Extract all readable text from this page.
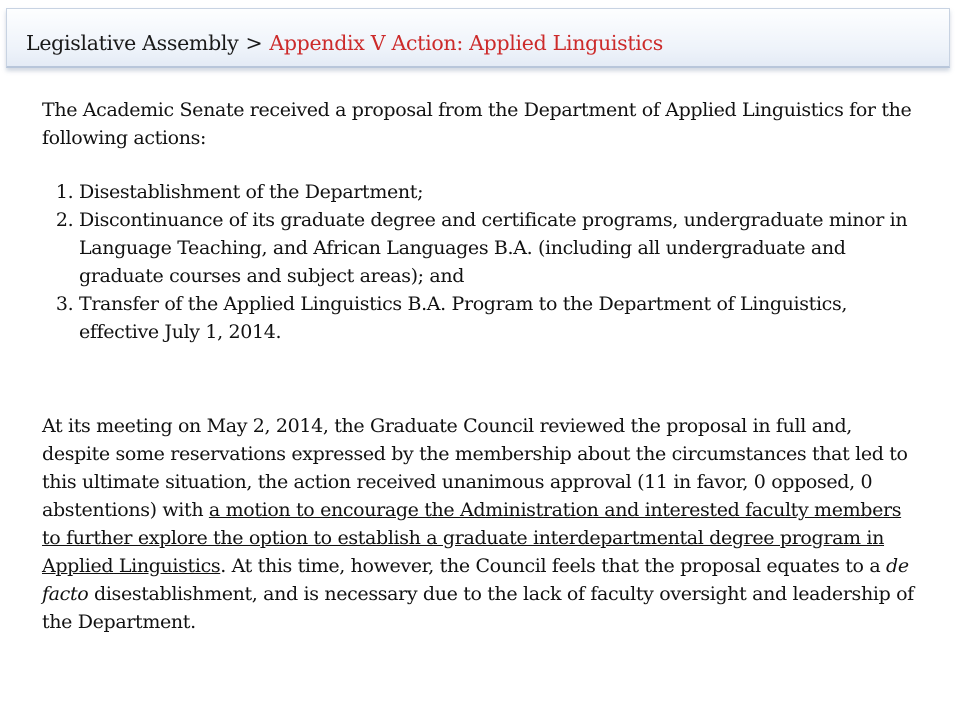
Legislative Assembly > Appendix V Action: Applied Linguistics

The Academic Senate received a proposal from the Department of Applied Linguistics for the following actions:

1. Disestablishment of the Department;
2. Discontinuance of its graduate degree and certificate programs, undergraduate minor in Language Teaching, and African Languages B.A. (including all undergraduate and graduate courses and subject areas); and
3. Transfer of the Applied Linguistics B.A. Program to the Department of Linguistics, effective July 1, 2014.

At its meeting on May 2, 2014, the Graduate Council reviewed the proposal in full and, despite some reservations expressed by the membership about the circumstances that led to this ultimate situation, the action received unanimous approval (11 in favor, 0 opposed, 0 abstentions) with a motion to encourage the Administration and interested faculty members to further explore the option to establish a graduate interdepartmental degree program in Applied Linguistics. At this time, however, the Council feels that the proposal equates to a de facto disestablishment, and is necessary due to the lack of faculty oversight and leadership of the Department.
